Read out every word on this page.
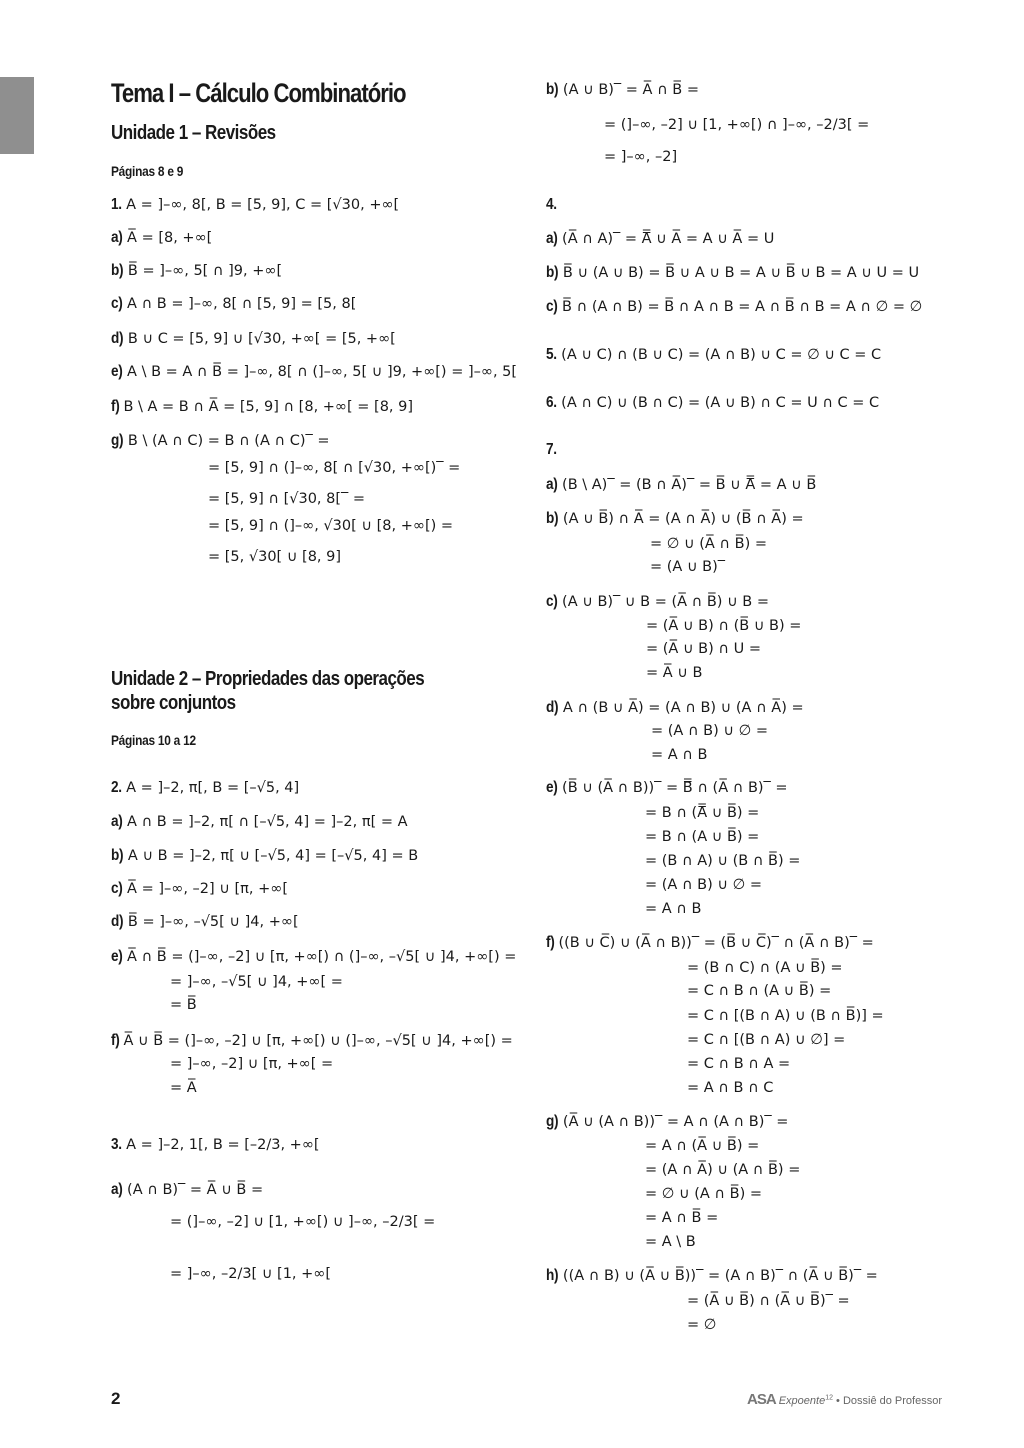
Tema I – Cálculo Combinatório
Unidade 1 – Revisões
Páginas 8 e 9
Unidade 2 – Propriedades das operações
sobre conjuntos
Páginas 10 a 12
1. A = ]–∞, 8[, B = [5, 9], C = [√30, +∞[
a) A̅ = [8, +∞[
b) B̅ = ]–∞, 5[ ∩ ]9, +∞[
c) A ∩ B = ]–∞, 8[ ∩ [5, 9] = [5, 8[
d) B ∪ C = [5, 9] ∪ [√30, +∞[ = [5, +∞[
e) A \ B = A ∩ B̅ = ]–∞, 8[ ∩ (]–∞, 5[ ∪ ]9, +∞[) = ]–∞, 5[
f) B \ A = B ∩ A̅ = [5, 9] ∩ [8, +∞[ = [8, 9]
g) B \ (A ∩ C) = B ∩ (A ∩ C)‾ =
= [5, 9] ∩ (]–∞, 8[ ∩ [√30, +∞[)‾ =
= [5, 9] ∩ [√30, 8[‾ =
= [5, 9] ∩ (]–∞, √30[ ∪ [8, +∞[) =
= [5, √30[ ∪ [8, 9]
2. A = ]–2, π[, B = [–√5, 4]
a) A ∩ B = ]–2, π[ ∩ [–√5, 4] = ]–2, π[ = A
b) A ∪ B = ]–2, π[ ∪ [–√5, 4] = [–√5, 4] = B
c) A̅ = ]–∞, –2] ∪ [π, +∞[
d) B̅ = ]–∞, –√5[ ∪ ]4, +∞[
e) A̅ ∩ B̅ = (]–∞, –2] ∪ [π, +∞[) ∩ (]–∞, –√5[ ∪ ]4, +∞[) =
= ]–∞, –√5[ ∪ ]4, +∞[ =
= B̅
f) A̅ ∪ B̅ = (]–∞, –2] ∪ [π, +∞[) ∪ (]–∞, –√5[ ∪ ]4, +∞[) =
= ]–∞, –2] ∪ [π, +∞[ =
= A̅
3. A = ]–2, 1[, B = [–2/3, +∞[
a) (A ∩ B)‾ = A̅ ∪ B̅ =
= (]–∞, –2] ∪ [1, +∞[) ∪ ]–∞, –2/3[ =
= ]–∞, –2/3[ ∪ [1, +∞[
b) (A ∪ B)‾ = A̅ ∩ B̅ =
= (]–∞, –2] ∪ [1, +∞[) ∩ ]–∞, –2/3[ =
= ]–∞, –2]
4.
a) (A̅ ∩ A)‾ = A̿ ∪ A̅ = A ∪ A̅ = U
b) B̅ ∪ (A ∪ B) = B̅ ∪ A ∪ B = A ∪ B̅ ∪ B = A ∪ U = U
c) B̅ ∩ (A ∩ B) = B̅ ∩ A ∩ B = A ∩ B̅ ∩ B = A ∩ ∅ = ∅
5. (A ∪ C) ∩ (B ∪ C) = (A ∩ B) ∪ C = ∅ ∪ C = C
6. (A ∩ C) ∪ (B ∩ C) = (A ∪ B) ∩ C = U ∩ C = C
7.
a) (B \ A)‾ = (B ∩ A̅)‾ = B̅ ∪ A̿ = A ∪ B̅
b) (A ∪ B̅) ∩ A̅ = (A ∩ A̅) ∪ (B̅ ∩ A̅) =
= ∅ ∪ (A̅ ∩ B̅) =
= (A ∪ B)‾
c) (A ∪ B)‾ ∪ B = (A̅ ∩ B̅) ∪ B =
= (A̅ ∪ B) ∩ (B̅ ∪ B) =
= (A̅ ∪ B) ∩ U =
= A̅ ∪ B
d) A ∩ (B ∪ A̅) = (A ∩ B) ∪ (A ∩ A̅) =
= (A ∩ B) ∪ ∅ =
= A ∩ B
e) (B̅ ∪ (A̅ ∩ B))‾ = B̿ ∩ (A̅ ∩ B)‾ =
= B ∩ (A̿ ∪ B̅) =
= B ∩ (A ∪ B̅) =
= (B ∩ A) ∪ (B ∩ B̅) =
= (A ∩ B) ∪ ∅ =
= A ∩ B
f) ((B ∪ C̅) ∪ (A̅ ∩ B))‾ = (B̅ ∪ C̅)‾ ∩ (A̅ ∩ B)‾ =
= (B ∩ C) ∩ (A ∪ B̅) =
= C ∩ B ∩ (A ∪ B̅) =
= C ∩ [(B ∩ A) ∪ (B ∩ B̅)] =
= C ∩ [(B ∩ A) ∪ ∅] =
= C ∩ B ∩ A =
= A ∩ B ∩ C
g) (A̅ ∪ (A ∩ B))‾ = A ∩ (A ∩ B)‾ =
= A ∩ (A̅ ∪ B̅) =
= (A ∩ A̅) ∪ (A ∩ B̅) =
= ∅ ∪ (A ∩ B̅) =
= A ∩ B̅ =
= A \ B
h) ((A ∩ B) ∪ (A̅ ∪ B̅))‾ = (A ∩ B)‾ ∩ (A̅ ∪ B̅)‾ =
= (A̅ ∪ B̅) ∩ (A̅ ∪ B̅)‾ =
= ∅
2	ASA Expoente$^{12}$ • Dossiê do Professor
